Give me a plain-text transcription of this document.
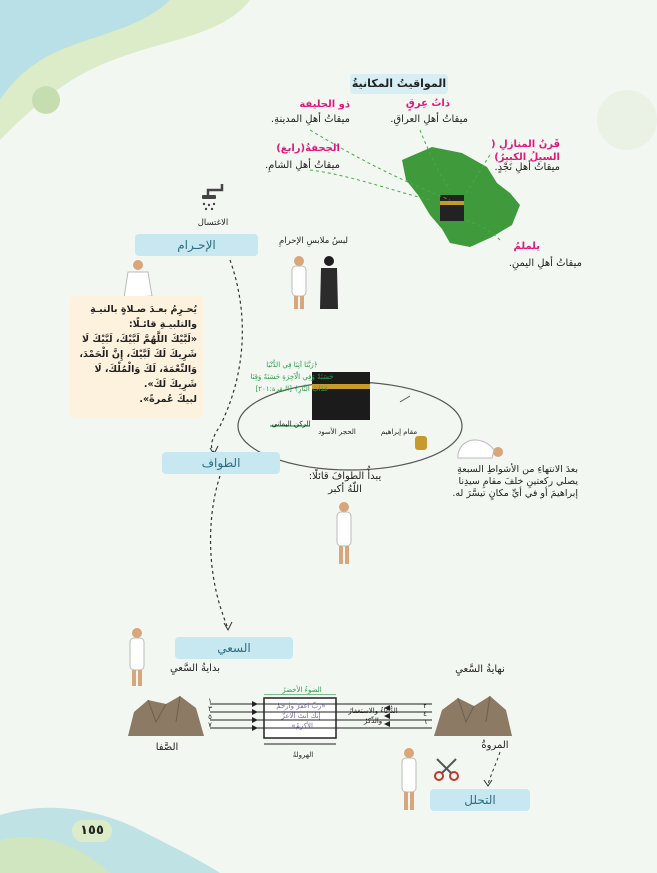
المواقيتُ المكانيةُ
ذو الحليفة
ميقاتُ أهلِ المدينةِ.
ذاتُ عِرقٍ
ميقاتُ أهلِ العراقِ.
قَرنُ المنازلِ ( السيلُ الكبيرُ)
ميقاتُ أهلِ نَجْدٍ.
الجحفةُ(رابغ)
ميقاتُ أهلِ الشامِ.
يلملمُ
ميقاتُ أهلِ اليمنِ.
الاغتسال
الإحـرام	لبسُ ملابسِ الإحرامِ
يُحـرِمُ بعـدَ صـلاةٍ بالنيـةِ والتلبيـةِ قائـلًا:
«لَبَّيْكَ اللَّهُمَّ لَبَّيْكَ، لَبَّيْكَ لَا شَرِيكَ لَكَ لَبَّيْكَ، إِنَّ الْحَمْدَ، وَالنِّعْمَةَ، لَكَ وَالْمُلْكَ، لَا شَرِيكَ لَكَ».
لبيكَ عُمرةً».
﴿رَبَّنَا آتِنَا فِي الدُّنْيَا
حَسَنَةً وَفِي الْآخِرَةِ حَسَنَةً وَقِنَا
عَذَابَ النَّارِ﴾ [البقرة:٢٠١]
الركن اليماني
الحجر الأسود	مقام إبراهيم
بعدَ الانتهاءِ من الأشواطِ السبعةِ
يصلي ركعتينِ خلفَ مقامِ سيدِنا
إبراهيمَ أو في أيِّ مكانٍ تيسَّرَ له.
الطواف
يبدأُ الطوافَ قائلًا:
اللّهُ أكبر
السعي
بدايةُ السَّعيِ	نهايةُ السَّعيِ
١
٣
٥
٧
٢
٤
٦
الضوءُ الأخضرُ
«ربِّ اغفرْ وارحمْ
إنكَ أنتَ الأعزُّ
الأكرمُ».
الدُّعاءُ والاستغفارُ
والذِّكرُ
الهرولةُ
الصَّفا	المروةُ
التحلل
١٥٥
